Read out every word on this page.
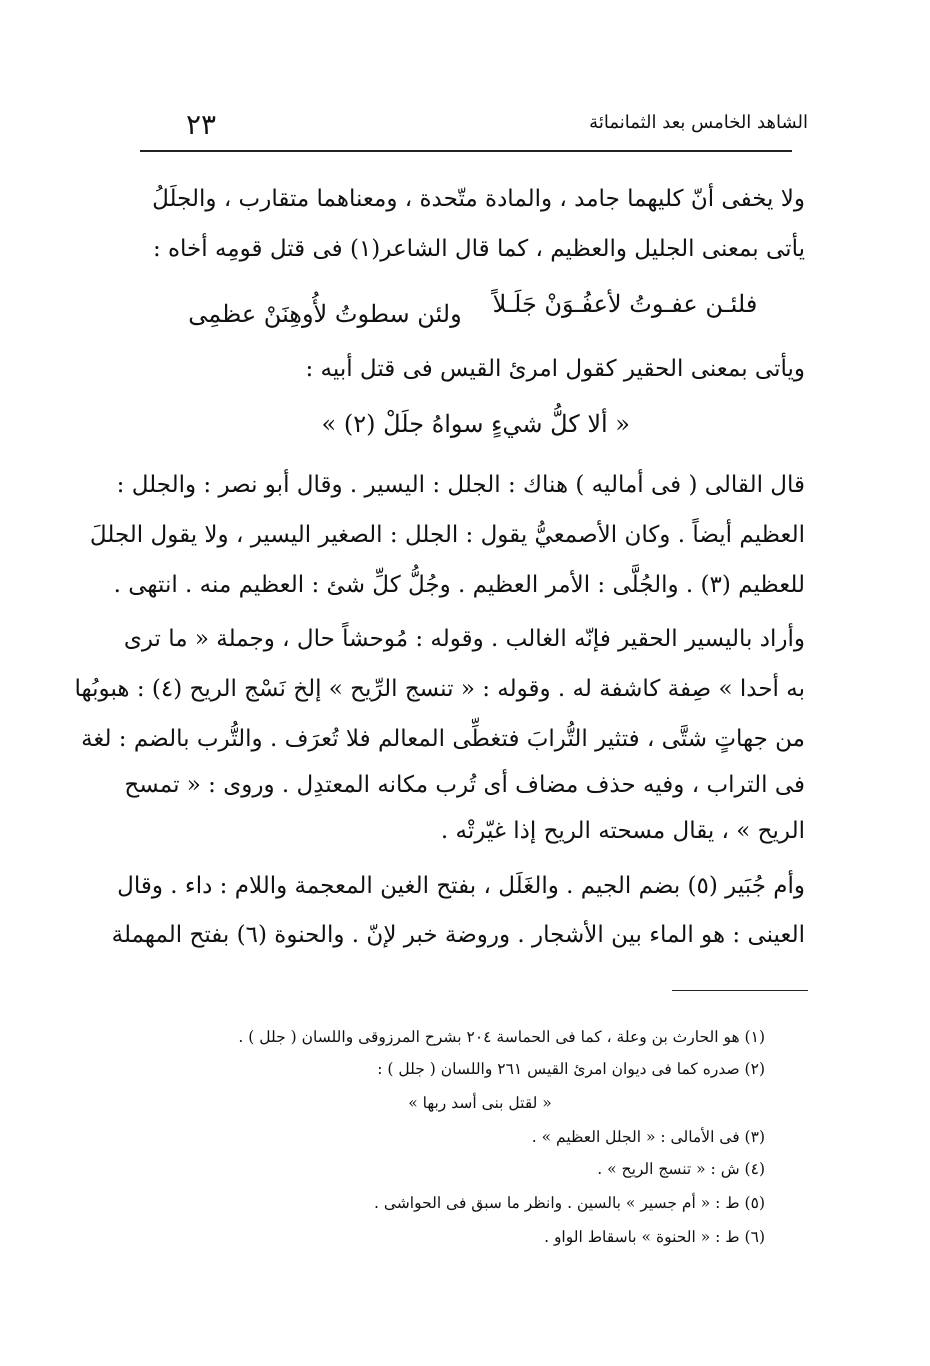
الشاهد الخامس بعد الثمانمائة
٢٣
ولا يخفى أنّ كليهما جامد ، والمادة متّحدة ، ومعناهما متقارب ، والجلَلُ
يأتى بمعنى الجليل والعظيم ، كما قال الشاعر(١) فى قتل قومِه أخاه :
فلئـن عفـوتُ لأعفُـوَنْ جَلَـلاً
ولئن سطوتُ لأُوهِنَنْ عظمِى
ويأتى بمعنى الحقير كقول امرئ القيس فى قتل أبيه :
« ألا كلُّ شيءٍ سواهُ جلَلْ (٢) »
قال القالى ( فى أماليه ) هناك : الجلل : اليسير . وقال أبو نصر : والجلل :
العظيم أيضاً . وكان الأصمعيُّ يقول : الجلل : الصغير اليسير ، ولا يقول الجللَ
للعظيم (٣) . والجُلَّى : الأمر العظيم . وجُلُّ كلِّ شئ : العظيم منه . انتهى .
وأراد باليسير الحقير فإنّه الغالب . وقوله : مُوحشاً حال ، وجملة « ما ترى
به أحدا » صِفة كاشفة له . وقوله : « تنسج الرِّيح » إلخ نَسْج الريح (٤) : هبوبُها
من جهاتٍ شتَّى ، فتثير التُّرابَ فتغطِّى المعالم فلا تُعرَف . والتُّرب بالضم : لغة
فى التراب ، وفيه حذف مضاف أى تُرب مكانه المعتدِل . وروى : « تمسح
الريح » ، يقال مسحته الريح إذا غيّرتْه .
وأم جُبَير (٥) بضم الجيم . والغَلَل ، بفتح الغين المعجمة واللام : داء . وقال
العينى : هو الماء بين الأشجار . وروضة خبر لإنّ . والحنوة (٦) بفتح المهملة
(١) هو الحارث بن وعلة ، كما فى الحماسة ٢٠٤ بشرح المرزوقى واللسان ( جلل ) .
(٢) صدره كما فى ديوان امرئ القيس ٢٦١ واللسان ( جلل ) :
« لقتل بنى أسد ربها »
(٣) فى الأمالى : « الجلل العظيم » .
(٤) ش : « تنسج الريح » .
(٥) ط : « أم جسير » بالسين . وانظر ما سبق فى الحواشى .
(٦) ط : « الحنوة » باسقاط الواو .
